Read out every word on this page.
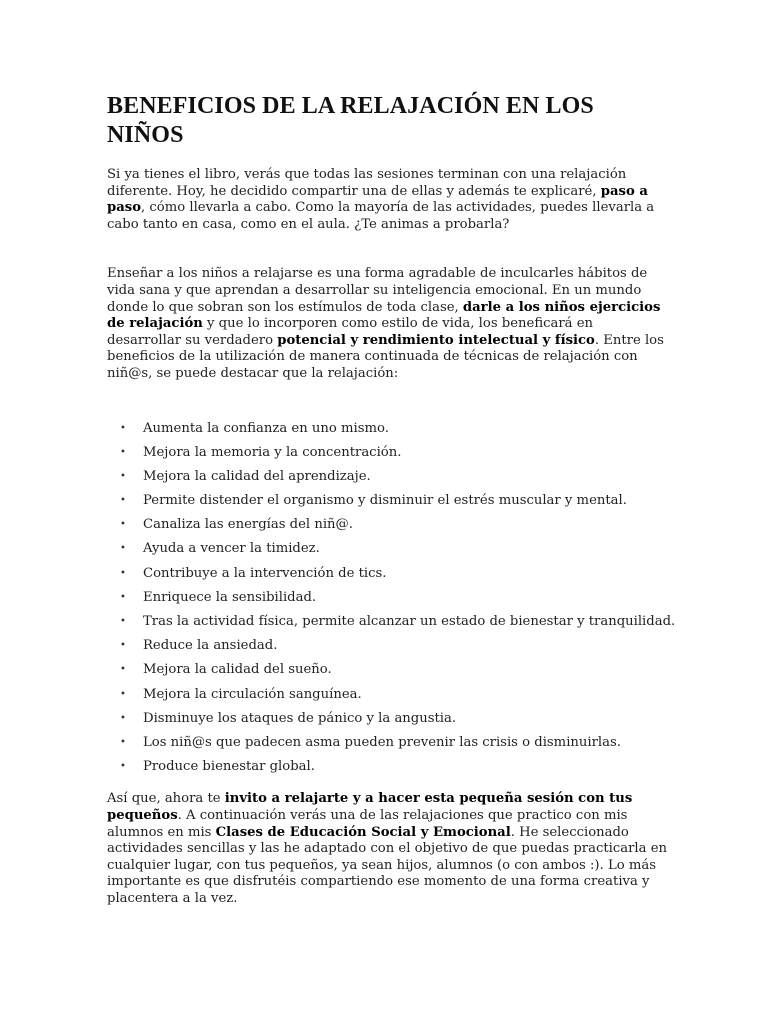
BENEFICIOS DE LA RELAJACIÓN EN LOS NIÑOS

Si ya tienes el libro, verás que todas las sesiones terminan con una relajación diferente. Hoy, he decidido compartir una de ellas y además te explicaré, paso a paso, cómo llevarla a cabo. Como la mayoría de las actividades, puedes llevarla a cabo tanto en casa, como en el aula. ¿Te animas a probarla?

Enseñar a los niños a relajarse es una forma agradable de inculcarles hábitos de vida sana y que aprendan a desarrollar su inteligencia emocional. En un mundo donde lo que sobran son los estímulos de toda clase, darle a los niños ejercicios de relajación y que lo incorporen como estilo de vida, los beneficará en desarrollar su verdadero potencial y rendimiento intelectual y físico. Entre los beneficios de la utilización de manera continuada de técnicas de relajación con niñ@s, se puede destacar que la relajación:

• Aumenta la confianza en uno mismo.
• Mejora la memoria y la concentración.
• Mejora la calidad del aprendizaje.
• Permite distender el organismo y disminuir el estrés muscular y mental.
• Canaliza las energías del niñ@.
• Ayuda a vencer la timidez.
• Contribuye a la intervención de tics.
• Enriquece la sensibilidad.
• Tras la actividad física, permite alcanzar un estado de bienestar y tranquilidad.
• Reduce la ansiedad.
• Mejora la calidad del sueño.
• Mejora la circulación sanguínea.
• Disminuye los ataques de pánico y la angustia.
• Los niñ@s que padecen asma pueden prevenir las crisis o disminuirlas.
• Produce bienestar global.

Así que, ahora te invito a relajarte y a hacer esta pequeña sesión con tus pequeños. A continuación verás una de las relajaciones que practico con mis alumnos en mis Clases de Educación Social y Emocional. He seleccionado actividades sencillas y las he adaptado con el objetivo de que puedas practicarla en cualquier lugar, con tus pequeños, ya sean hijos, alumnos (o con ambos :). Lo más importante es que disfrutéis compartiendo ese momento de una forma creativa y placentera a la vez.
